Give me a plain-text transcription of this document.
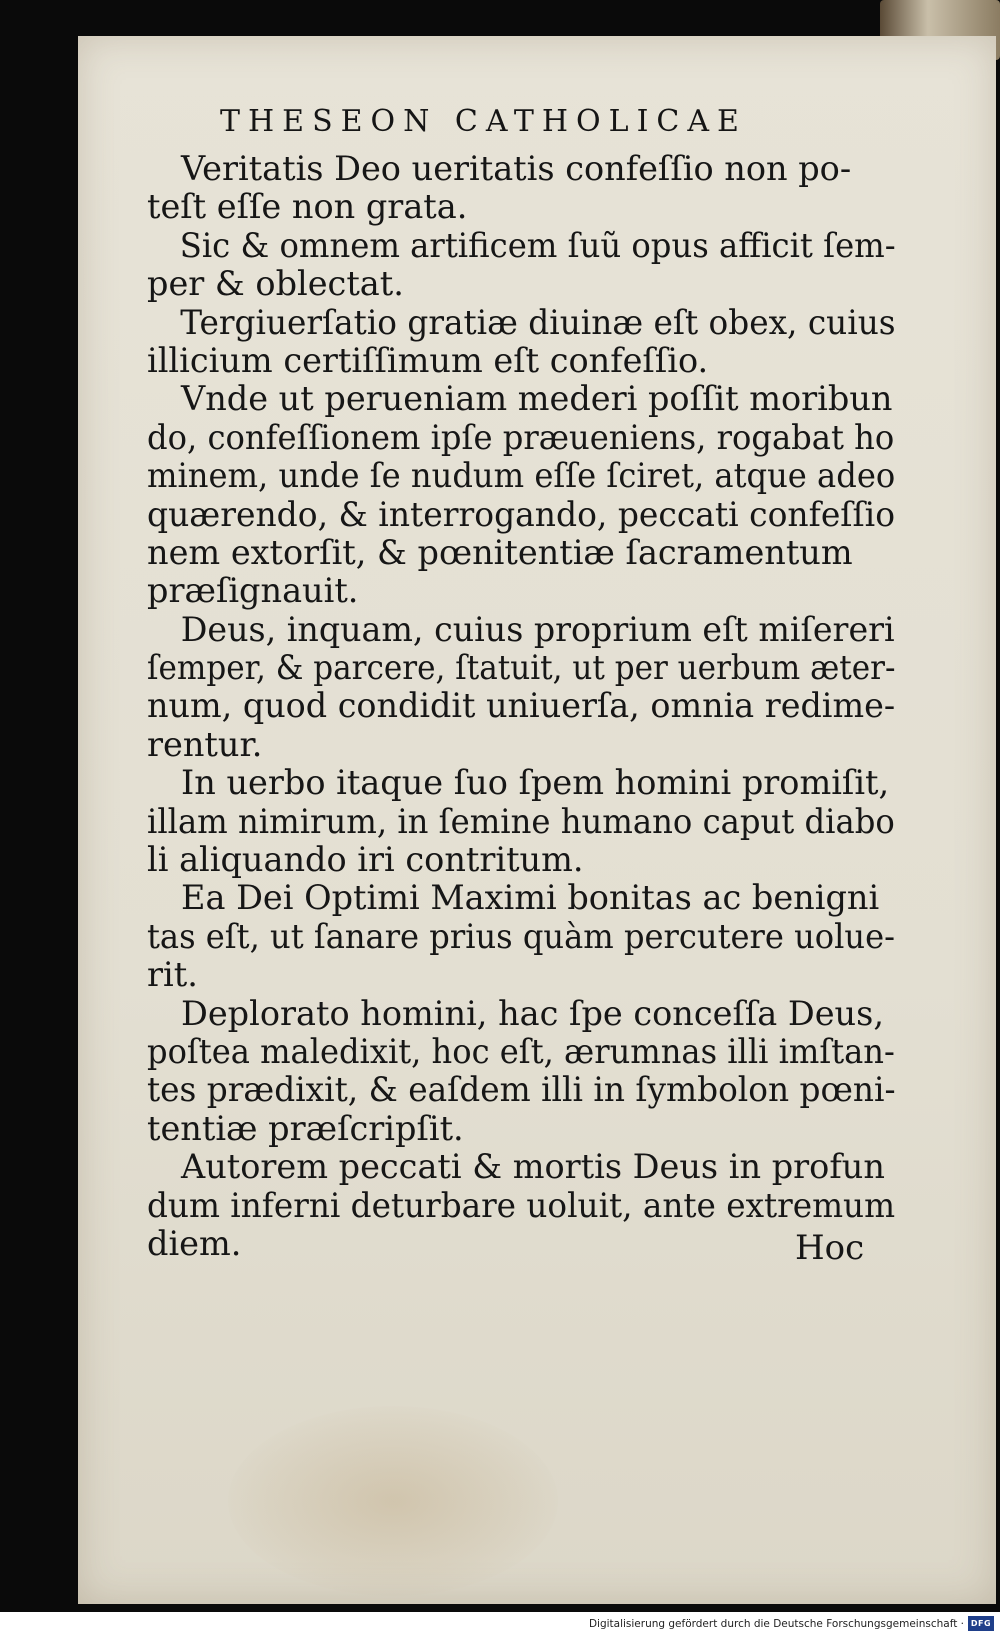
THESEON CATHOLICAE
Veritatis Deo ueritatis confeſſio non po-
teſt eſſe non grata.
Sic & omnem artificem ſuũ opus afficit ſem-
per & oblectat.
Tergiuerſatio gratiæ diuinæ eſt obex, cuius
illicium certiſſimum eſt confeſſio.
Vnde ut perueniam mederi poſſit moribun
do, confeſſionem ipſe præueniens, rogabat ho
minem, unde ſe nudum eſſe ſciret, atque adeo
quærendo, & interrogando, peccati confeſſio
nem extorſit, & pœnitentiæ ſacramentum
præſignauit.
Deus, inquam, cuius proprium eſt miſereri
ſemper, & parcere, ſtatuit, ut per uerbum æter-
num, quod condidit uniuerſa, omnia redime-
rentur.
In uerbo itaque ſuo ſpem homini promiſit,
illam nimirum, in ſemine humano caput diabo
li aliquando iri contritum.
Ea Dei Optimi Maximi bonitas ac benigni
tas eſt, ut ſanare prius quàm percutere uolue-
rit.
Deplorato homini, hac ſpe conceſſa Deus,
poſtea maledixit, hoc eſt, ærumnas illi imſtan-
tes prædixit, & eaſdem illi in ſymbolon pœni-
tentiæ præſcripſit.
Autorem peccati & mortis Deus in profun
dum inferni deturbare uoluit, ante extremum
diem.	Hoc
Digitalisierung gefördert durch die Deutsche Forschungsgemeinschaft · DFG
